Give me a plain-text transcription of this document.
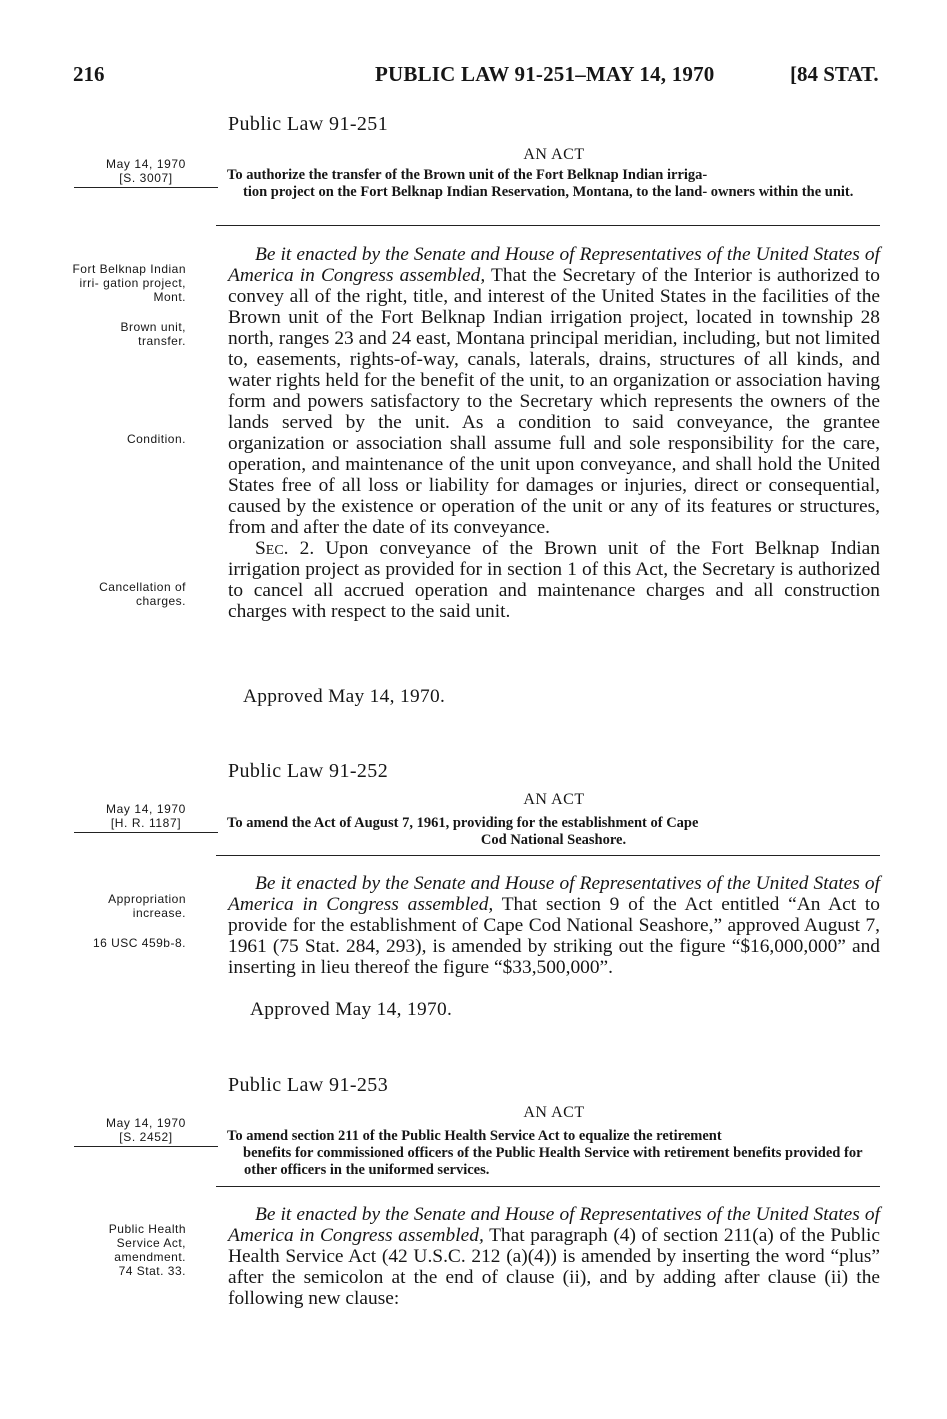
216	PUBLIC LAW 91-251–MAY 14, 1970	[84 STAT.
Public Law 91-251
AN ACT
May 14, 1970
[S. 3007]	To authorize the transfer of the Brown unit of the Fort Belknap Indian irriga-
tion project on the Fort Belknap Indian Reservation, Montana, to the land- owners within the unit.
Fort Belknap Indian irri- gation project, Mont.
Brown unit, transfer.
Condition.
Cancellation of charges.

Be it enacted by the Senate and House of Representatives of the United States of America in Congress assembled, That the Secretary of the Interior is authorized to convey all of the right, title, and interest of the United States in the facilities of the Brown unit of the Fort Belknap Indian irrigation project, located in township 28 north, ranges 23 and 24 east, Montana principal meridian, including, but not limited to, easements, rights-of-way, canals, laterals, drains, structures of all kinds, and water rights held for the benefit of the unit, to an organization or association having form and powers satisfactory to the Secretary which represents the owners of the lands served by the unit. As a condition to said conveyance, the grantee organization or association shall assume full and sole responsibility for the care, operation, and maintenance of the unit upon conveyance, and shall hold the United States free of all loss or liability for damages or injuries, direct or consequential, caused by the existence or operation of the unit or any of its features or structures, from and after the date of its conveyance.

Sec. 2. Upon conveyance of the Brown unit of the Fort Belknap Indian irrigation project as provided for in section 1 of this Act, the Secretary is authorized to cancel all accrued operation and maintenance charges and all construction charges with respect to the said unit.

Approved May 14, 1970.
Public Law 91-252
AN ACT
May 14, 1970
[H. R. 1187]	To amend the Act of August 7, 1961, providing for the establishment of Cape
Cod National Seashore.
Appropriation increase.
16 USC 459b-8.

Be it enacted by the Senate and House of Representatives of the United States of America in Congress assembled, That section 9 of the Act entitled “An Act to provide for the establishment of Cape Cod National Seashore,” approved August 7, 1961 (75 Stat. 284, 293), is amended by striking out the figure “$16,000,000” and inserting in lieu thereof the figure “$33,500,000”.

Approved May 14, 1970.
Public Law 91-253
AN ACT
May 14, 1970
[S. 2452]	To amend section 211 of the Public Health Service Act to equalize the retirement
benefits for commissioned officers of the Public Health Service with retirement benefits provided for other officers in the uniformed services.
Public Health Service Act, amendment.
74 Stat. 33.

Be it enacted by the Senate and House of Representatives of the United States of America in Congress assembled, That paragraph (4) of section 211(a) of the Public Health Service Act (42 U.S.C. 212 (a)(4)) is amended by inserting the word “plus” after the semicolon at the end of clause (ii), and by adding after clause (ii) the following new clause:
